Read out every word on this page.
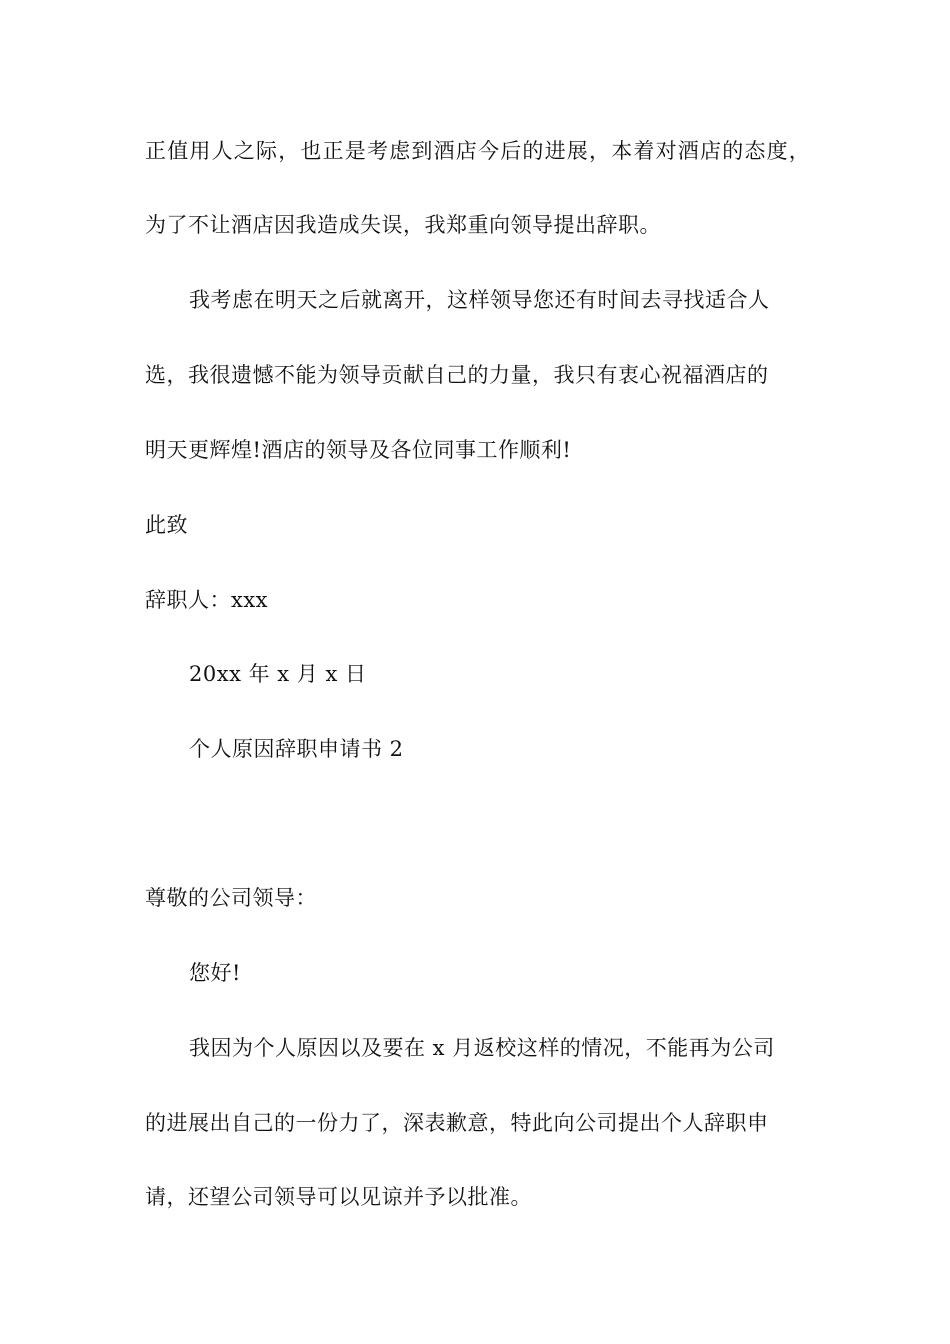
正值用人之际，也正是考虑到酒店今后的进展，本着对酒店的态度，
为了不让酒店因我造成失误，我郑重向领导提出辞职。
我考虑在明天之后就离开，这样领导您还有时间去寻找适合人
选，我很遗憾不能为领导贡献自己的力量，我只有衷心祝福酒店的
明天更辉煌!酒店的领导及各位同事工作顺利!
此致
辞职人：xxx
20xx 年 x 月 x 日
个人原因辞职申请书 2
尊敬的公司领导：
您好!
我因为个人原因以及要在 x 月返校这样的情况，不能再为公司
的进展出自己的一份力了，深表歉意，特此向公司提出个人辞职申
请，还望公司领导可以见谅并予以批准。
